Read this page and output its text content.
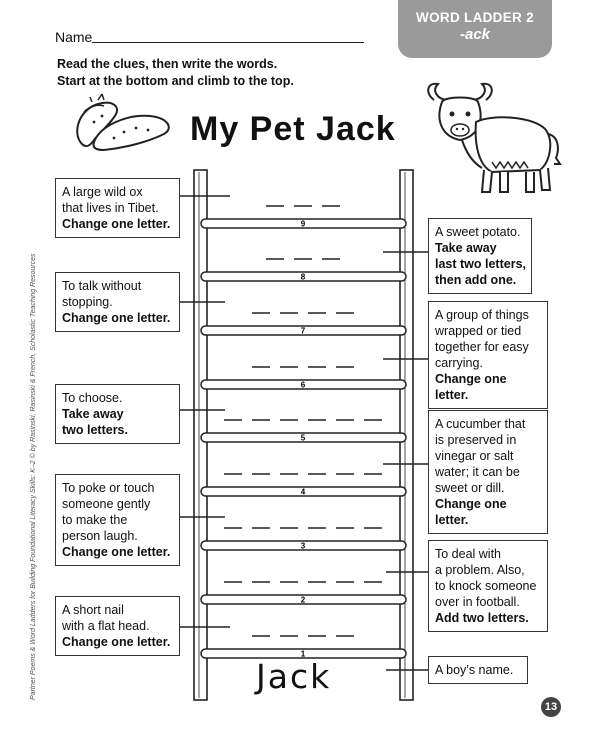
Name
WORD LADDER 2
-ack
Read the clues, then write the words.
Start at the bottom and climb to the top.
My Pet Jack
1
2
3
4
5
6
7
8
9
Jack	A boy’s name.
A short nail
with a flat head.
Change one letter.
To deal with
a problem. Also,
to knock someone
over in football.
Add two letters.
To poke or touch
someone gently
to make the
person laugh.
Change one letter.
A cucumber that
is preserved in
vinegar or salt
water; it can be
sweet or dill.
Change one letter.
To choose.
Take away
two letters.
A group of things
wrapped or tied
together for easy
carrying.
Change one letter.
To talk without
stopping.
Change one letter.
A sweet potato.
Take away
last two letters,
then add one.
A large wild ox
that lives in Tibet.
Change one letter.
Partner Poems & Word Ladders for Building Foundational Literacy Skills: K–2 © by Rasinski, Rasinski & French, Scholastic Teaching Resources
13
